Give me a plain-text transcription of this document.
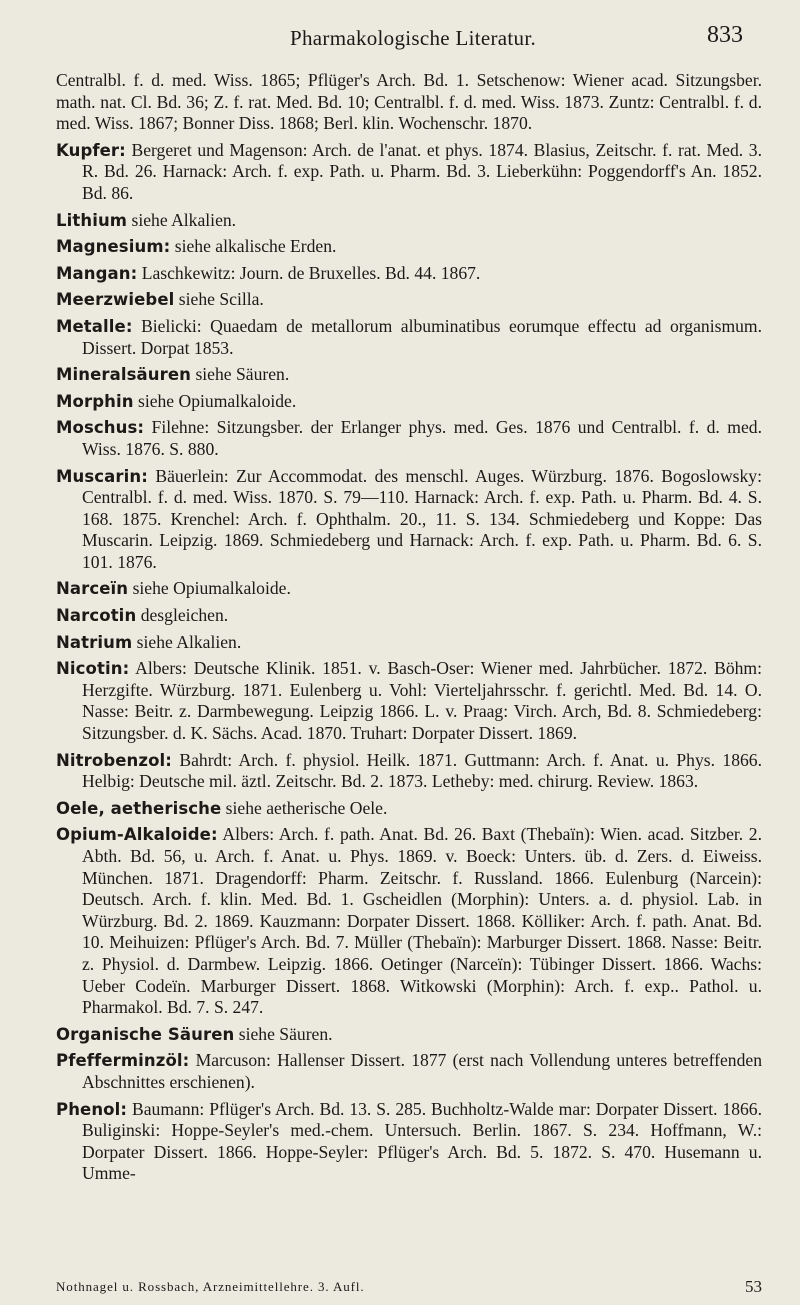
Pharmakologische Literatur.	833

Centralbl. f. d. med. Wiss. 1865; Pflüger's Arch. Bd. 1. Setschenow: Wiener acad. Sitzungsber. math. nat. Cl. Bd. 36; Z. f. rat. Med. Bd. 10; Centralbl. f. d. med. Wiss. 1873. Zuntz: Centralbl. f. d. med. Wiss. 1867; Bonner Diss. 1868; Berl. klin. Wochenschr. 1870.

Kupfer: Bergeret und Magenson: Arch. de l'anat. et phys. 1874. Blasius, Zeitschr. f. rat. Med. 3. R. Bd. 26. Harnack: Arch. f. exp. Path. u. Pharm. Bd. 3. Lieberkühn: Poggendorff's An. 1852. Bd. 86.

Lithium siehe Alkalien.

Magnesium: siehe alkalische Erden.

Mangan: Laschkewitz: Journ. de Bruxelles. Bd. 44. 1867.

Meerzwiebel siehe Scilla.

Metalle: Bielicki: Quaedam de metallorum albuminatibus eorumque effectu ad organismum. Dissert. Dorpat 1853.

Mineralsäuren siehe Säuren.

Morphin siehe Opiumalkaloide.

Moschus: Filehne: Sitzungsber. der Erlanger phys. med. Ges. 1876 und Centralbl. f. d. med. Wiss. 1876. S. 880.

Muscarin: Bäuerlein: Zur Accommodat. des menschl. Auges. Würzburg. 1876. Bogoslowsky: Centralbl. f. d. med. Wiss. 1870. S. 79—110. Harnack: Arch. f. exp. Path. u. Pharm. Bd. 4. S. 168. 1875. Krenchel: Arch. f. Ophthalm. 20., 11. S. 134. Schmiedeberg und Koppe: Das Muscarin. Leipzig. 1869. Schmiedeberg und Harnack: Arch. f. exp. Path. u. Pharm. Bd. 6. S. 101. 1876.

Narceïn siehe Opiumalkaloide.

Narcotin desgleichen.

Natrium siehe Alkalien.

Nicotin: Albers: Deutsche Klinik. 1851. v. Basch-Oser: Wiener med. Jahrbücher. 1872. Böhm: Herzgifte. Würzburg. 1871. Eulenberg u. Vohl: Vierteljahrsschr. f. gerichtl. Med. Bd. 14. O. Nasse: Beitr. z. Darmbewegung. Leipzig 1866. L. v. Praag: Virch. Arch, Bd. 8. Schmiedeberg: Sitzungsber. d. K. Sächs. Acad. 1870. Truhart: Dorpater Dissert. 1869.

Nitrobenzol: Bahrdt: Arch. f. physiol. Heilk. 1871. Guttmann: Arch. f. Anat. u. Phys. 1866. Helbig: Deutsche mil. äztl. Zeitschr. Bd. 2. 1873. Letheby: med. chirurg. Review. 1863.

Oele, aetherische siehe aetherische Oele.

Opium-Alkaloide: Albers: Arch. f. path. Anat. Bd. 26. Baxt (Thebaïn): Wien. acad. Sitzber. 2. Abth. Bd. 56, u. Arch. f. Anat. u. Phys. 1869. v. Boeck: Unters. üb. d. Zers. d. Eiweiss. München. 1871. Dragendorff: Pharm. Zeitschr. f. Russland. 1866. Eulenburg (Narcein): Deutsch. Arch. f. klin. Med. Bd. 1. Gscheidlen (Morphin): Unters. a. d. physiol. Lab. in Würzburg. Bd. 2. 1869. Kauzmann: Dorpater Dissert. 1868. Kölliker: Arch. f. path. Anat. Bd. 10. Meihuizen: Pflüger's Arch. Bd. 7. Müller (Thebaïn): Marburger Dissert. 1868. Nasse: Beitr. z. Physiol. d. Darmbew. Leipzig. 1866. Oetinger (Narceïn): Tübinger Dissert. 1866. Wachs: Ueber Codeïn. Marburger Dissert. 1868. Witkowski (Morphin): Arch. f. exp.. Pathol. u. Pharmakol. Bd. 7. S. 247.

Organische Säuren siehe Säuren.

Pfefferminzöl: Marcuson: Hallenser Dissert. 1877 (erst nach Vollendung unteres betreffenden Abschnittes erschienen).

Phenol: Baumann: Pflüger's Arch. Bd. 13. S. 285. Buchholtz-Walde mar: Dorpater Dissert. 1866. Buliginski: Hoppe-Seyler's med.-chem. Untersuch. Berlin. 1867. S. 234. Hoffmann, W.: Dorpater Dissert. 1866. Hoppe-Seyler: Pflüger's Arch. Bd. 5. 1872. S. 470. Husemann u. Umme-

Nothnagel u. Rossbach, Arzneimittellehre. 3. Aufl.	53
